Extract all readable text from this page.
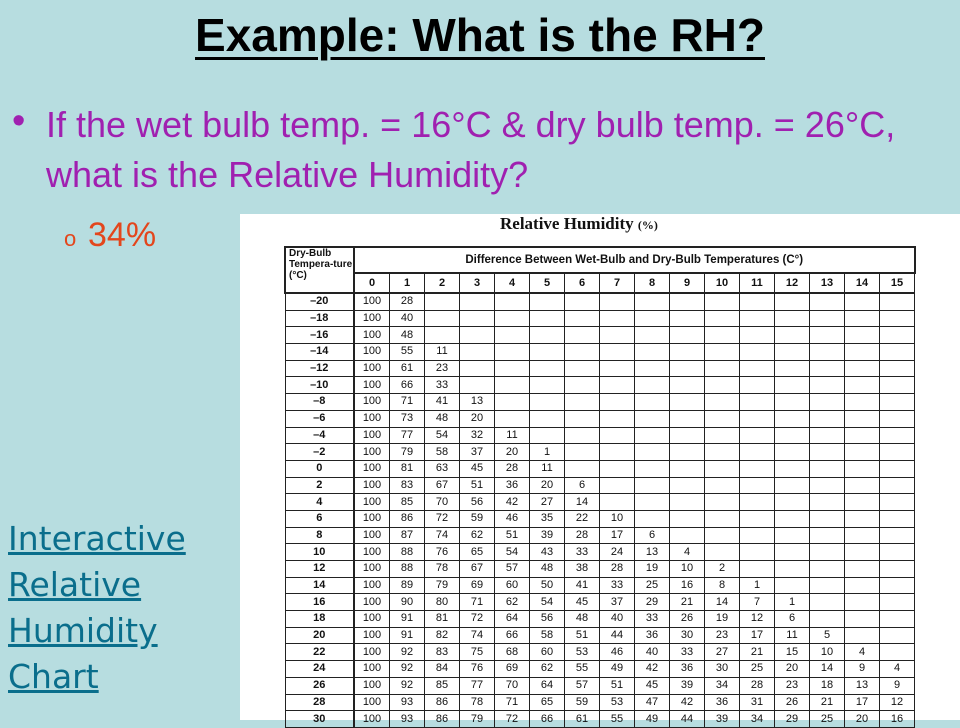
Example: What is the RH?
• If the wet bulb temp. = 16°C & dry bulb temp. = 26°C, what is the Relative Humidity?
o 34%
Interactive
Relative
Humidity
Chart
Relative Humidity (%)
Dry-Bulb Tempera-ture (°C)	Difference Between Wet-Bulb and Dry-Bulb Temperatures (C°)															
	0	1	2	3	4	5	6	7	8	9	10	11	12	13	14	15
–20	100	28														
–18	100	40														
–16	100	48														
–14	100	55	11													
–12	100	61	23													
–10	100	66	33													
–8	100	71	41	13												
–6	100	73	48	20												
–4	100	77	54	32	11											
–2	100	79	58	37	20	1										
0	100	81	63	45	28	11										
2	100	83	67	51	36	20	6									
4	100	85	70	56	42	27	14									
6	100	86	72	59	46	35	22	10								
8	100	87	74	62	51	39	28	17	6							
10	100	88	76	65	54	43	33	24	13	4						
12	100	88	78	67	57	48	38	28	19	10	2					
14	100	89	79	69	60	50	41	33	25	16	8	1				
16	100	90	80	71	62	54	45	37	29	21	14	7	1			
18	100	91	81	72	64	56	48	40	33	26	19	12	6			
20	100	91	82	74	66	58	51	44	36	30	23	17	11	5		
22	100	92	83	75	68	60	53	46	40	33	27	21	15	10	4	
24	100	92	84	76	69	62	55	49	42	36	30	25	20	14	9	4
26	100	92	85	77	70	64	57	51	45	39	34	28	23	18	13	9
28	100	93	86	78	71	65	59	53	47	42	36	31	26	21	17	12
30	100	93	86	79	72	66	61	55	49	44	39	34	29	25	20	16
